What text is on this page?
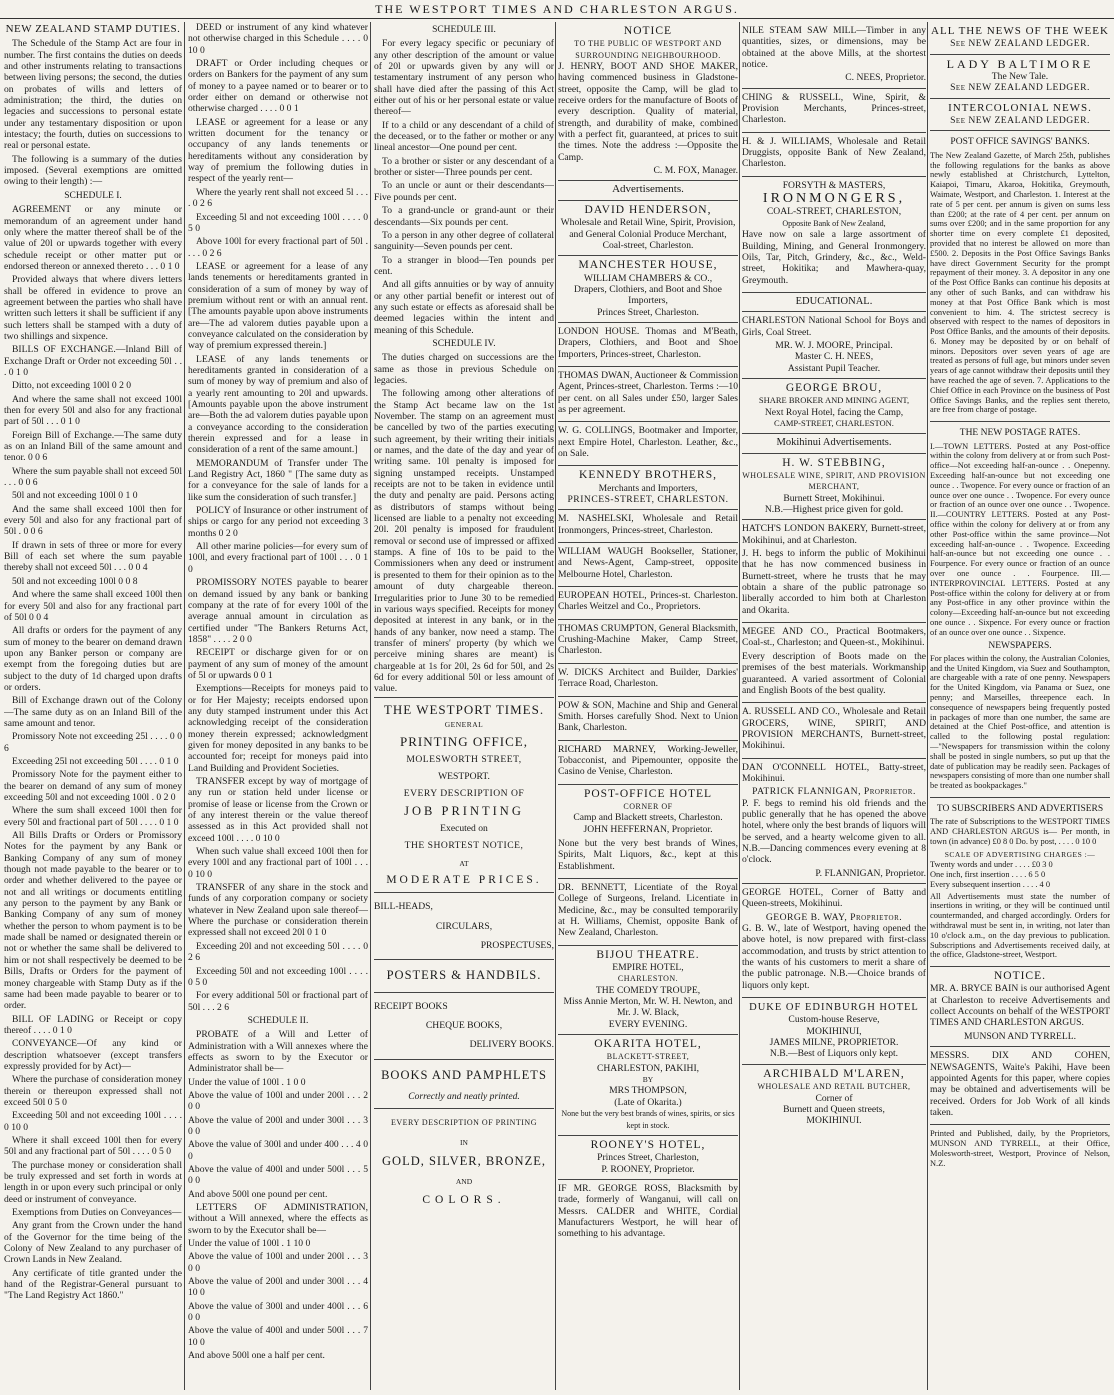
THE WESTPORT TIMES AND CHARLESTON ARGUS.
NEW ZEALAND STAMP DUTIES.

The Schedule of the Stamp Act are four in number. The first contains the duties on deeds and other instruments relating to transactions between living persons; the second, the duties on probates of wills and letters of administration; the third, the duties on legacies and successions to personal estate under any testamentary disposition or upon intestacy; the fourth, duties on successions to real or personal estate.

The following is a summary of the duties imposed. (Several exemptions are omitted owing to their length) :—

SCHEDULE I.

AGREEMENT or any minute or memorandum of an agreement under hand only where the matter thereof shall be of the value of 20l or upwards together with every schedule receipt or other matter put or endorsed thereon or annexed thereto . . . 0 1 0

Provided always that where divers letters shall be offered in evidence to prove an agreement between the parties who shall have written such letters it shall be sufficient if any such letters shall be stamped with a duty of two shillings and sixpence.

BILLS OF EXCHANGE.—Inland Bill of Exchange Draft or Order not exceeding 50l . . . 0 1 0

Ditto, not exceeding 100l 0 2 0

And where the same shall not exceed 100l then for every 50l and also for any fractional part of 50l . . . 0 1 0

Foreign Bill of Exchange.—The same duty as on an Inland Bill of the same amount and tenor. 0 0 6

Where the sum payable shall not exceed 50l . . . 0 0 6

50l and not exceeding 100l 0 1 0

And the same shall exceed 100l then for every 50l and also for any fractional part of 50l . 0 0 6

If drawn in sets of three or more for every Bill of each set where the sum payable thereby shall not exceed 50l . . . 0 0 4

50l and not exceeding 100l 0 0 8

And where the same shall exceed 100l then for every 50l and also for any fractional part of 50l 0 0 4

All drafts or orders for the payment of any sum of money to the bearer on demand drawn upon any Banker person or company are exempt from the foregoing duties but are subject to the duty of 1d charged upon drafts or orders.

Bill of Exchange drawn out of the Colony—The same duty as on an Inland Bill of the same amount and tenor.

Promissory Note not exceeding 25l . . . . 0 0 6

Exceeding 25l not exceeding 50l . . . . 0 1 0

Promissory Note for the payment either to the bearer on demand of any sum of money exceeding 50l and not exceeding 100l . 0 2 0

Where the sum shall exceed 100l then for every 50l and fractional part of 50l . . . . 0 1 0

All Bills Drafts or Orders or Promissory Notes for the payment by any Bank or Banking Company of any sum of money though not made payable to the bearer or to order and whether delivered to the payee or not and all writings or documents entitling any person to the payment by any Bank or Banking Company of any sum of money whether the person to whom payment is to be made shall be named or designated therein or not or whether the same shall be delivered to him or not shall respectively be deemed to be Bills, Drafts or Orders for the payment of money chargeable with Stamp Duty as if the same had been made payable to bearer or to order.

BILL OF LADING or Receipt or copy thereof . . . . 0 1 0

CONVEYANCE—Of any kind or description whatsoever (except transfers expressly provided for by Act)—

Where the purchase of consideration money therein or thereupon expressed shall not exceed 50l 0 5 0

Exceeding 50l and not exceeding 100l . . . . 0 10 0

Where it shall exceed 100l then for every 50l and any fractional part of 50l . . . . 0 5 0

The purchase money or consideration shall be truly expressed and set forth in words at length in or upon every such principal or only deed or instrument of conveyance.

Exemptions from Duties on Conveyances—

Any grant from the Crown under the hand of the Governor for the time being of the Colony of New Zealand to any purchaser of Crown Lands in New Zealand.

Any certificate of title granted under the hand of the Registrar-General pursuant to "The Land Registry Act 1860."

DEED or instrument of any kind whatever not otherwise charged in this Schedule . . . . 0 10 0

DRAFT or Order including cheques or orders on Bankers for the payment of any sum of money to a payee named or to bearer or to order either on demand or otherwise not otherwise charged . . . . 0 0 1

LEASE or agreement for a lease or any written document for the tenancy or occupancy of any lands tenements or hereditaments without any consideration by way of premium the following duties in respect of the yearly rent—

Where the yearly rent shall not exceed 5l . . . . 0 2 6

Exceeding 5l and not exceeding 100l . . . . 0 5 0

Above 100l for every fractional part of 50l . . . . 0 2 6

LEASE or agreement for a lease of any lands tenements or hereditaments granted in consideration of a sum of money by way of premium without rent or with an annual rent. [The amounts payable upon above instruments are—The ad valorem duties payable upon a conveyance calculated on the consideration by way of premium expressed therein.]

LEASE of any lands tenements or hereditaments granted in consideration of a sum of money by way of premium and also of a yearly rent amounting to 20l and upwards. [Amounts payable upon the above instrument are—Both the ad valorem duties payable upon a conveyance according to the consideration therein expressed and for a lease in consideration of a rent of the same amount.]

MEMORANDUM of Transfer under The Land Registry Act, 1860 " [The same duty as for a conveyance for the sale of lands for a like sum the consideration of such transfer.]

POLICY of Insurance or other instrument of ships or cargo for any period not exceeding 3 months 0 2 0

All other marine policies—for every sum of 100l, and every fractional part of 100l . . . 0 1 0

PROMISSORY NOTES payable to bearer on demand issued by any bank or banking company at the rate of for every 100l of the average annual amount in circulation as certified under "The Bankers Returns Act, 1858" . . . . 2 0 0

RECEIPT or discharge given for or on payment of any sum of money of the amount of 5l or upwards 0 0 1

Exemptions—Receipts for moneys paid to or for Her Majesty; receipts endorsed upon any duty stamped instrument under this Act acknowledging receipt of the consideration money therein expressed; acknowledgment given for money deposited in any banks to be accounted for; receipt for moneys paid into Land Building and Provident Societies.

TRANSFER except by way of mortgage of any run or station held under license or promise of lease or license from the Crown or of any interest therein or the value thereof assessed as in this Act provided shall not exceed 100l . . . . 0 10 0

When such value shall exceed 100l then for every 100l and any fractional part of 100l . . . 0 10 0

TRANSFER of any share in the stock and funds of any corporation company or society whatever in New Zealand upon sale thereof—Where the purchase or consideration therein expressed shall not exceed 20l 0 1 0

Exceeding 20l and not exceeding 50l . . . . 0 2 6

Exceeding 50l and not exceeding 100l . . . . 0 5 0

For every additional 50l or fractional part of 50l . . . 2 6

SCHEDULE II.

PROBATE of a Will and Letter of Administration with a Will annexes where the effects as sworn to by the Executor or Administrator shall be—

Under the value of 100l . 1 0 0

Above the value of 100l and under 200l . . . 2 0 0

Above the value of 200l and under 300l . . . 3 0 0

Above the value of 300l and under 400 . . . 4 0 0

Above the value of 400l and under 500l . . . 5 0 0

And above 500l one pound per cent.

LETTERS OF ADMINISTRATION, without a Will annexed, where the effects as sworn to by the Executor shall be—

Under the value of 100l . 1 10 0

Above the value of 100l and under 200l . . . 3 0 0

Above the value of 200l and under 300l . . . 4 10 0

Above the value of 300l and under 400l . . . 6 0 0

Above the value of 400l and under 500l . . . 7 10 0

And above 500l one a half per cent.

SCHEDULE III.

For every legacy specific or pecuniary of any other description of the amount or value of 20l or upwards given by any will or testamentary instrument of any person who shall have died after the passing of this Act either out of his or her personal estate or value thereof—

If to a child or any descendant of a child of the deceased, or to the father or mother or any lineal ancestor—One pound per cent.

To a brother or sister or any descendant of a brother or sister—Three pounds per cent.

To an uncle or aunt or their descendants—Five pounds per cent.

To a grand-uncle or grand-aunt or their descendants—Six pounds per cent.

To a person in any other degree of collateral sanguinity—Seven pounds per cent.

To a stranger in blood—Ten pounds per cent.

And all gifts annuities or by way of annuity or any other partial benefit or interest out of any such estate or effects as aforesaid shall be deemed legacies within the intent and meaning of this Schedule.

SCHEDULE IV.

The duties charged on successions are the same as those in previous Schedule on legacies.

The following among other alterations of the Stamp Act became law on the 1st November. The stamp on an agreement must be cancelled by two of the parties executing such agreement, by their writing their initials or names, and the date of the day and year of writing same. 10l penalty is imposed for signing unstamped receipts. Unstamped receipts are not to be taken in evidence until the duty and penalty are paid. Persons acting as distributors of stamps without being licensed are liable to a penalty not exceeding 20l. 20l penalty is imposed for fraudulent removal or second use of impressed or affixed stamps. A fine of 10s to be paid to the Commissioners when any deed or instrument is presented to them for their opinion as to the amount of duty chargeable thereon. Irregularities prior to June 30 to be remedied in various ways specified. Receipts for money deposited at interest in any bank, or in the hands of any banker, now need a stamp. The transfer of miners' property (by which we perceive mining shares are meant) is chargeable at 1s for 20l, 2s 6d for 50l, and 2s 6d for every additional 50l or less amount of value.

THE WESTPORT TIMES.
GENERAL
PRINTING OFFICE,
MOLESWORTH STREET,
WESTPORT.
EVERY DESCRIPTION OF
JOB PRINTING
Executed on
THE SHORTEST NOTICE,
AT
MODERATE PRICES.
BILL-HEADS,
CIRCULARS,
PROSPECTUSES,
POSTERS & HANDBILS.
RECEIPT BOOKS
CHEQUE BOOKS,
DELIVERY BOOKS.
BOOKS AND PAMPHLETS
Correctly and neatly printed.
EVERY DESCRIPTION OF PRINTING
IN
GOLD, SILVER, BRONZE,
AND
COLORS.
NOTICE
TO THE PUBLIC OF WESTPORT AND SURROUNDING NEIGHBOURHOOD.

J. HENRY, BOOT AND SHOE MAKER, having commenced business in Gladstone-street, opposite the Camp, will be glad to receive orders for the manufacture of Boots of every description. Quality of material, strength, and durability of make, combined with a perfect fit, guaranteed, at prices to suit the times. Note the address :—Opposite the Camp.

C. M. FOX, Manager.
Advertisements.
DAVID HENDERSON,
Wholesale and Retail Wine, Spirit, Provision, and General Colonial Produce Merchant,
Coal-street, Charleston.
MANCHESTER HOUSE,
WILLIAM CHAMBERS & CO.,
Drapers, Clothiers, and Boot and Shoe Importers,
Princes Street, Charleston.

LONDON HOUSE. Thomas and M'Beath, Drapers, Clothiers, and Boot and Shoe Importers, Princes-street, Charleston.

THOMAS DWAN, Auctioneer & Commission Agent, Princes-street, Charleston. Terms :—10 per cent. on all Sales under £50, larger Sales as per agreement.

W. G. COLLINGS, Bootmaker and Importer, next Empire Hotel, Charleston. Leather, &c., on Sale.

KENNEDY BROTHERS,
Merchants and Importers,
PRINCES-STREET, CHARLESTON.

M. NASHELSKI, Wholesale and Retail Ironmongers, Princes-street, Charleston.

WILLIAM WAUGH Bookseller, Stationer, and News-Agent, Camp-street, opposite Melbourne Hotel, Charleston.

EUROPEAN HOTEL, Princes-st. Charleston. Charles Weitzel and Co., Proprietors.

THOMAS CRUMPTON, General Blacksmith, Crushing-Machine Maker, Camp Street, Charleston.

W. DICKS Architect and Builder, Darkies' Terrace Road, Charleston.

POW & SON, Machine and Ship and General Smith. Horses carefully Shod. Next to Union Bank, Charleston.

RICHARD MARNEY, Working-Jeweller, Tobacconist, and Pipemounter, opposite the Casino de Venise, Charleston.

POST-OFFICE HOTEL
CORNER OF
Camp and Blackett streets, Charleston.
JOHN HEFFERNAN, Proprietor.

None but the very best brands of Wines, Spirits, Malt Liquors, &c., kept at this Establishment.

DR. BENNETT, Licentiate of the Royal College of Surgeons, Ireland. Licentiate in Medicine, &c., may be consulted temporarily at H. Williams, Chemist, opposite Bank of New Zealand, Charleston.

BIJOU THEATRE.
EMPIRE HOTEL,
CHARLESTON.
THE COMEDY TROUPE,
Miss Annie Merton, Mr. W. H. Newton, and Mr. J. W. Black,
EVERY EVENING.
OKARITA HOTEL,
BLACKETT-STREET,
CHARLESTON, PAKIHI,
BY
MRS THOMPSON,
(Late of Okarita.)
None but the very best brands of wines, spirits, or sics kept in stock.
ROONEY'S HOTEL,
Princes Street, Charleston,
P. ROONEY, Proprietor.

IF MR. GEORGE ROSS, Blacksmith by trade, formerly of Wanganui, will call on Messrs. CALDER and WHITE, Cordial Manufacturers Westport, he will hear of something to his advantage.

NILE STEAM SAW MILL—Timber in any quantities, sizes, or dimensions, may be obtained at the above Mills, at the shortest notice.

C. NEES, Proprietor.

CHING & RUSSELL, Wine, Spirit, & Provision Merchants, Princes-street, Charleston.

H. & J. WILLIAMS, Wholesale and Retail Druggists, opposite Bank of New Zealand, Charleston.

FORSYTH & MASTERS,
IRONMONGERS,
COAL-STREET, CHARLESTON,
Opposite Bank of New Zealand,

Have now on sale a large assortment of Building, Mining, and General Ironmongery. Oils, Tar, Pitch, Grindery, &c., &c., Weld-street, Hokitika; and Mawhera-quay, Greymouth.

EDUCATIONAL.

CHARLESTON National School for Boys and Girls, Coal Street.

MR. W. J. MOORE, Principal.
Master C. H. NEES,
Assistant Pupil Teacher.
GEORGE BROU,
SHARE BROKER AND MINING AGENT,
Next Royal Hotel, facing the Camp,
CAMP-STREET, CHARLESTON.
Mokihinui Advertisements.
H. W. STEBBING,
WHOLESALE WINE, SPIRIT, AND PROVISION MERCHANT,
Burnett Street, Mokihinui.
N.B.—Highest price given for gold.

HATCH'S LONDON BAKERY, Burnett-street, Mokihinui, and at Charleston.

J. H. begs to inform the public of Mokihinui that he has now commenced business in Burnett-street, where he trusts that he may obtain a share of the public patronage so liberally accorded to him both at Charleston and Okarita.

MEGEE AND CO., Practical Bootmakers, Coal-st., Charleston; and Queen-st., Mokihinui.

Every description of Boots made on the premises of the best materials. Workmanship guaranteed. A varied assortment of Colonial and English Boots of the best quality.

A. RUSSELL AND CO., Wholesale and Retail GROCERS, WINE, SPIRIT, AND PROVISION MERCHANTS, Burnett-street, Mokihinui.

DAN O'CONNELL HOTEL, Batty-street, Mokihinui.

PATRICK FLANNIGAN, Proprietor.

P. F. begs to remind his old friends and the public generally that he has opened the above hotel, where only the best brands of liquors will be served, and a hearty welcome given to all. N.B.—Dancing commences every evening at 8 o'clock.

P. FLANNIGAN, Proprietor.

GEORGE HOTEL, Corner of Batty and Queen-streets, Mokihinui.

GEORGE B. WAY, Proprietor.

G. B. W., late of Westport, having opened the above hotel, is now prepared with first-class accommodation, and trusts by strict attention to the wants of his customers to merit a share of the public patronage. N.B.—Choice brands of liquors only kept.

DUKE OF EDINBURGH HOTEL
Custom-house Reserve,
MOKIHINUI,
JAMES MILNE, PROPRIETOR.
N.B.—Best of Liquors only kept.
ARCHIBALD M'LAREN,
WHOLESALE AND RETAIL BUTCHER,
Corner of
Burnett and Queen streets,
MOKIHINUI.
ALL THE NEWS OF THE WEEK
See NEW ZEALAND LEDGER.
LADY BALTIMORE
The New Tale.
See NEW ZEALAND LEDGER.
INTERCOLONIAL NEWS.
See NEW ZEALAND LEDGER.
POST OFFICE SAVINGS' BANKS.

The New Zealand Gazette, of March 25th, publishes the following regulations for the banks as above newly established at Christchurch, Lyttelton, Kaiapoi, Timaru, Akaroa, Hokitika, Greymouth, Waimate, Westport, and Charleston. 1. Interest at the rate of 5 per cent. per annum is given on sums less than £200; at the rate of 4 per cent. per annum on sums over £200; and in the same proportion for any shorter time on every complete £1 deposited, provided that no interest be allowed on more than £500. 2. Deposits in the Post Office Savings Banks have direct Government Security for the prompt repayment of their money. 3. A depositor in any one of the Post Office Banks can continue his deposits at any other of such Banks, and can withdraw his money at that Post Office Bank which is most convenient to him. 4. The strictest secrecy is observed with respect to the names of depositors in Post Office Banks, and the amounts of their deposits. 6. Money may be deposited by or on behalf of minors. Depositors over seven years of age are treated as persons of full age, but minors under seven years of age cannot withdraw their deposits until they have reached the age of seven. 7. Applications to the Chief Office in each Province on the business of Post Office Savings Banks, and the replies sent thereto, are free from charge of postage.

THE NEW POSTAGE RATES.

I.—TOWN LETTERS. Posted at any Post-office within the colony from delivery at or from such Post-office—Not exceeding half-an-ounce . . Onepenny. Exceeding half-an-ounce but not exceeding one ounce . . Twopence. For every ounce or fraction of an ounce over one ounce . . Twopence. For every ounce or fraction of an ounce over one ounce . . Twopence. II.—COUNTRY LETTERS. Posted at any Post-office within the colony for delivery at or from any other Post-office within the same province—Not exceeding half-an-ounce . . Twopence. Exceeding half-an-ounce but not exceeding one ounce . . Fourpence. For every ounce or fraction of an ounce over one ounce . . Fourpence. III.—INTERPROVINCIAL LETTERS. Posted at any Post-office within the colony for delivery at or from any Post-office in any other province within the colony—Exceeding half-an-ounce but not exceeding one ounce . . Sixpence. For every ounce or fraction of an ounce over one ounce . . Sixpence.

NEWSPAPERS.

For places within the colony, the Australian Colonies, and the United Kingdom, via Suez and Southampton, are chargeable with a rate of one penny. Newspapers for the United Kingdom, via Panama or Suez, one penny; and Marseilles, threepence each. In consequence of newspapers being frequently posted in packages of more than one number, the same are detained at the Chief Post-office, and attention is called to the following postal regulation:—"Newspapers for transmission within the colony shall be posted in single numbers, so put up that the date of publication may be readily seen. Packages of newspapers consisting of more than one number shall be treated as bookpackages."

TO SUBSCRIBERS AND ADVERTISERS

The rate of Subscriptions to the WESTPORT TIMES AND CHARLESTON ARGUS is— Per month, in town (in advance) £0 8 0 Do. by post, . . . . 0 10 0

SCALE OF ADVERTISING CHARGES :—
Twenty words and under . . . . £0 3 0
One inch, first insertion . . . . 6 5 0
Every subsequent insertion . . . . 4 0

All Advertisements must state the number of insertions in writing, or they will be continued until countermanded, and charged accordingly. Orders for withdrawal must be sent in, in writing, not later than 10 o'clock a.m., on the day previous to publication. Subscriptions and Advertisements received daily, at the office, Gladstone-street, Westport.

NOTICE.

MR. A. BRYCE BAIN is our authorised Agent at Charleston to receive Advertisements and collect Accounts on behalf of the WESTPORT TIMES AND CHARLESTON ARGUS.

MUNSON AND TYRRELL.

MESSRS. DIX AND COHEN, NEWSAGENTS, Waite's Pakihi, Have been appointed Agents for this paper, where copies may be obtained and advertisements will be received. Orders for Job Work of all kinds taken.

Printed and Published, daily, by the Proprietors, MUNSON AND TYRRELL, at their Office, Molesworth-street, Westport, Province of Nelson, N.Z.
